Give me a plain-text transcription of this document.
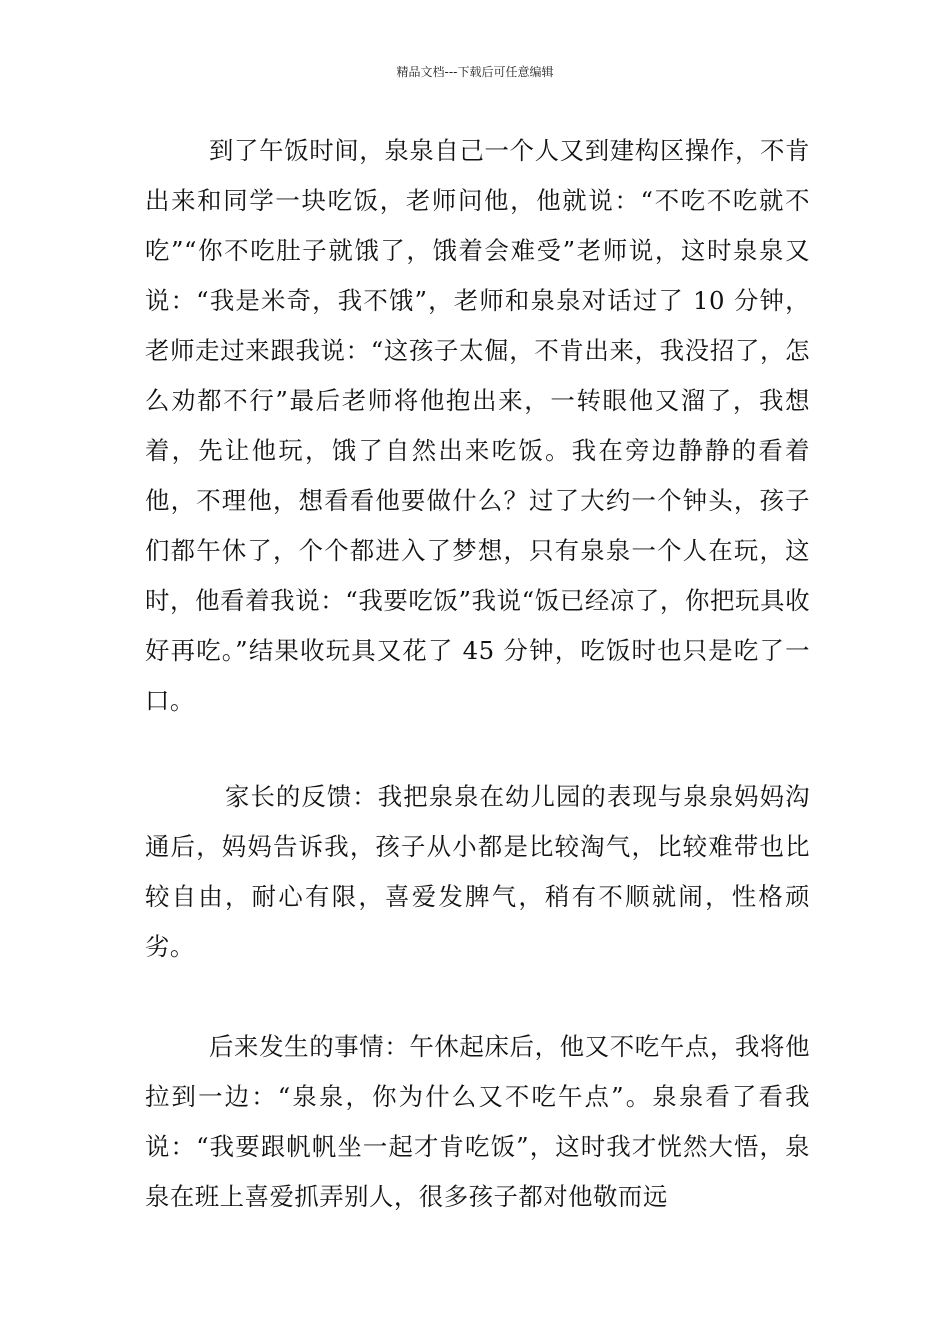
精品文档---下载后可任意编辑

到了午饭时间，泉泉自己一个人又到建构区操作，不肯出来和同学一块吃饭，老师问他，他就说：“不吃不吃就不吃”“你不吃肚子就饿了，饿着会难受”老师说，这时泉泉又说：“我是米奇，我不饿”，老师和泉泉对话过了 10 分钟，老师走过来跟我说：“这孩子太倔，不肯出来，我没招了，怎么劝都不行”最后老师将他抱出来，一转眼他又溜了，我想着，先让他玩，饿了自然出来吃饭。我在旁边静静的看着他，不理他，想看看他要做什么？过了大约一个钟头，孩子们都午休了，个个都进入了梦想，只有泉泉一个人在玩，这时，他看着我说：“我要吃饭”我说“饭已经凉了，你把玩具收好再吃。”结果收玩具又花了 45 分钟，吃饭时也只是吃了一口。

家长的反馈：我把泉泉在幼儿园的表现与泉泉妈妈沟通后，妈妈告诉我，孩子从小都是比较淘气，比较难带也比较自由，耐心有限，喜爱发脾气，稍有不顺就闹，性格顽劣。

后来发生的事情：午休起床后，他又不吃午点，我将他拉到一边：“泉泉，你为什么又不吃午点”。泉泉看了看我说：“我要跟帆帆坐一起才肯吃饭”，这时我才恍然大悟，泉泉在班上喜爱抓弄别人，很多孩子都对他敬而远
